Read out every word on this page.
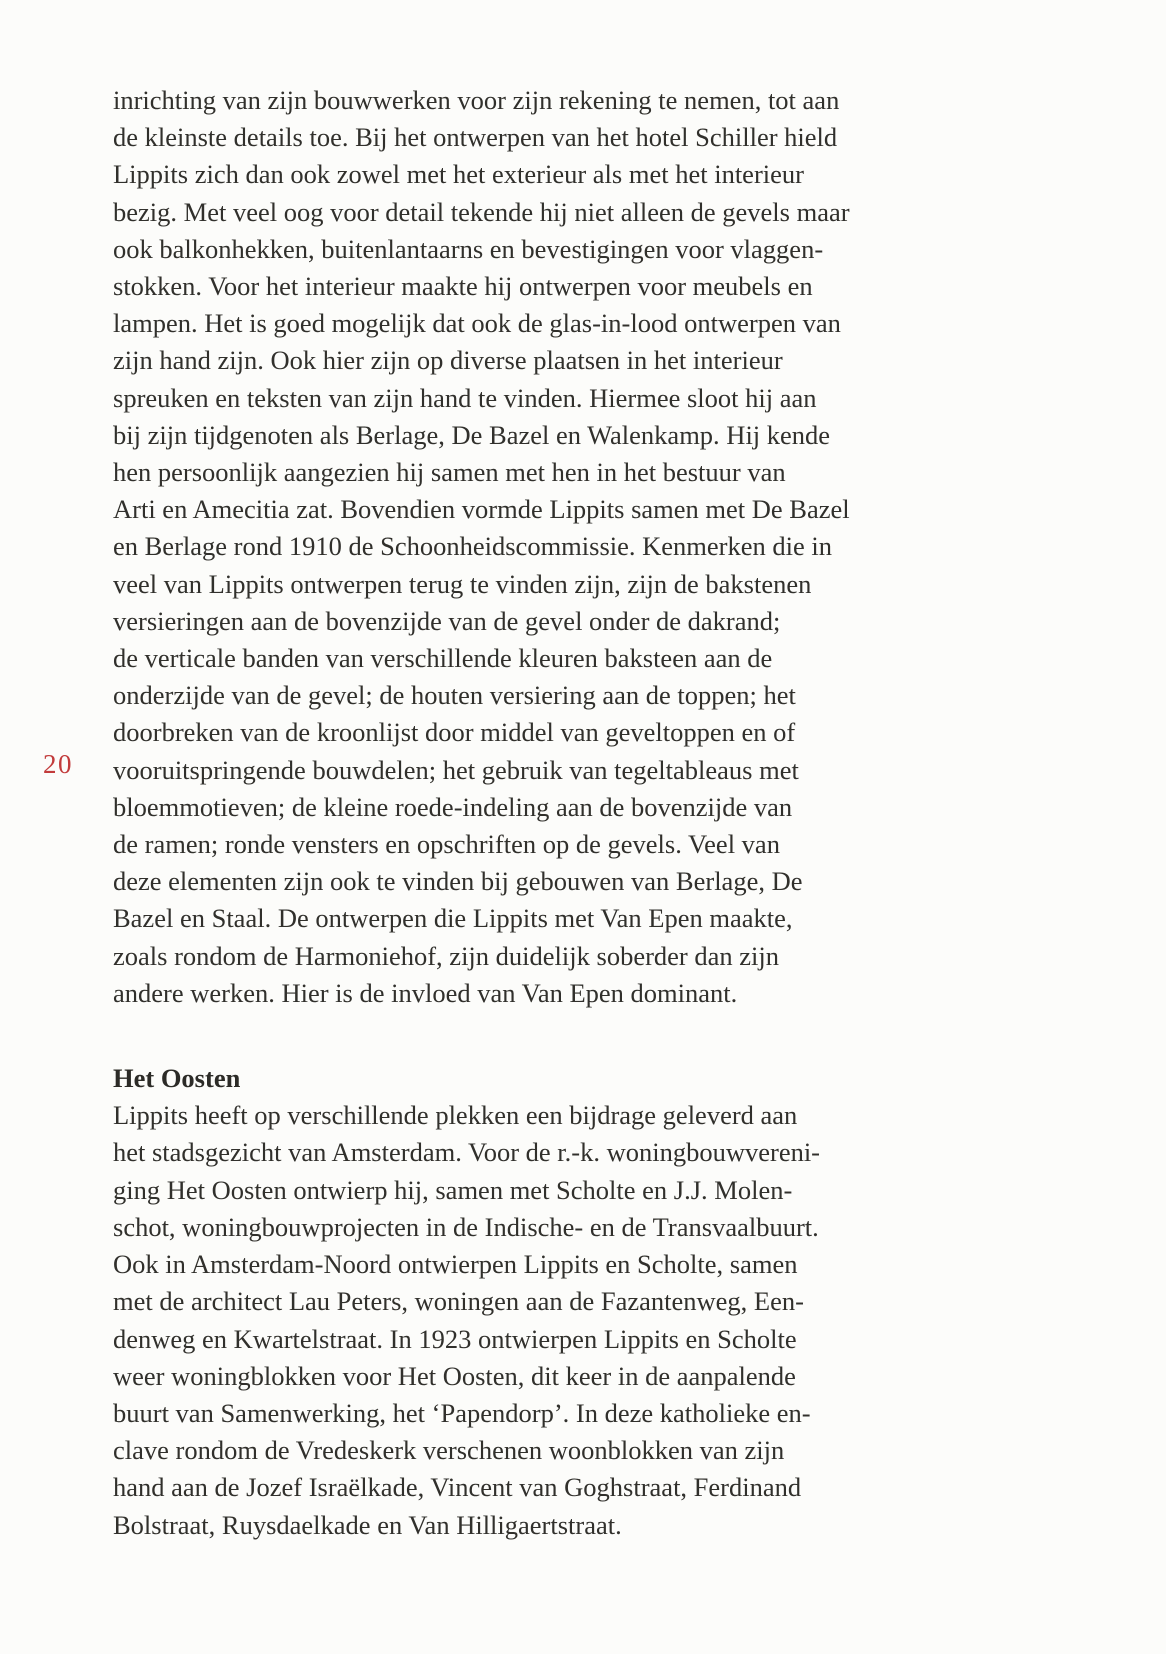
20

inrichting van zijn bouwwerken voor zijn rekening te nemen, tot aan
de kleinste details toe. Bij het ontwerpen van het hotel Schiller hield
Lippits zich dan ook zowel met het exterieur als met het interieur
bezig. Met veel oog voor detail tekende hij niet alleen de gevels maar
ook balkonhekken, buitenlantaarns en bevestigingen voor vlaggen-
stokken. Voor het interieur maakte hij ontwerpen voor meubels en
lampen. Het is goed mogelijk dat ook de glas-in-lood ontwerpen van
zijn hand zijn. Ook hier zijn op diverse plaatsen in het interieur
spreuken en teksten van zijn hand te vinden. Hiermee sloot hij aan
bij zijn tijdgenoten als Berlage, De Bazel en Walenkamp. Hij kende
hen persoonlijk aangezien hij samen met hen in het bestuur van
Arti en Amecitia zat. Bovendien vormde Lippits samen met De Bazel
en Berlage rond 1910 de Schoonheidscommissie. Kenmerken die in
veel van Lippits ontwerpen terug te vinden zijn, zijn de bakstenen
versieringen aan de bovenzijde van de gevel onder de dakrand;
de verticale banden van verschillende kleuren baksteen aan de
onderzijde van de gevel; de houten versiering aan de toppen; het
doorbreken van de kroonlijst door middel van geveltoppen en of
vooruitspringende bouwdelen; het gebruik van tegeltableaus met
bloemmotieven; de kleine roede-indeling aan de bovenzijde van
de ramen; ronde vensters en opschriften op de gevels. Veel van
deze elementen zijn ook te vinden bij gebouwen van Berlage, De
Bazel en Staal. De ontwerpen die Lippits met Van Epen maakte,
zoals rondom de Harmoniehof, zijn duidelijk soberder dan zijn
andere werken. Hier is de invloed van Van Epen dominant.

Het Oosten

Lippits heeft op verschillende plekken een bijdrage geleverd aan
het stadsgezicht van Amsterdam. Voor de r.-k. woningbouwvereni-
ging Het Oosten ontwierp hij, samen met Scholte en J.J. Molen-
schot, woningbouwprojecten in de Indische- en de Transvaalbuurt.
Ook in Amsterdam-Noord ontwierpen Lippits en Scholte, samen
met de architect Lau Peters, woningen aan de Fazantenweg, Een-
denweg en Kwartelstraat. In 1923 ontwierpen Lippits en Scholte
weer woningblokken voor Het Oosten, dit keer in de aanpalende
buurt van Samenwerking, het ‘Papendorp’. In deze katholieke en-
clave rondom de Vredeskerk verschenen woonblokken van zijn
hand aan de Jozef Israëlkade, Vincent van Goghstraat, Ferdinand
Bolstraat, Ruysdaelkade en Van Hilligaertstraat.
